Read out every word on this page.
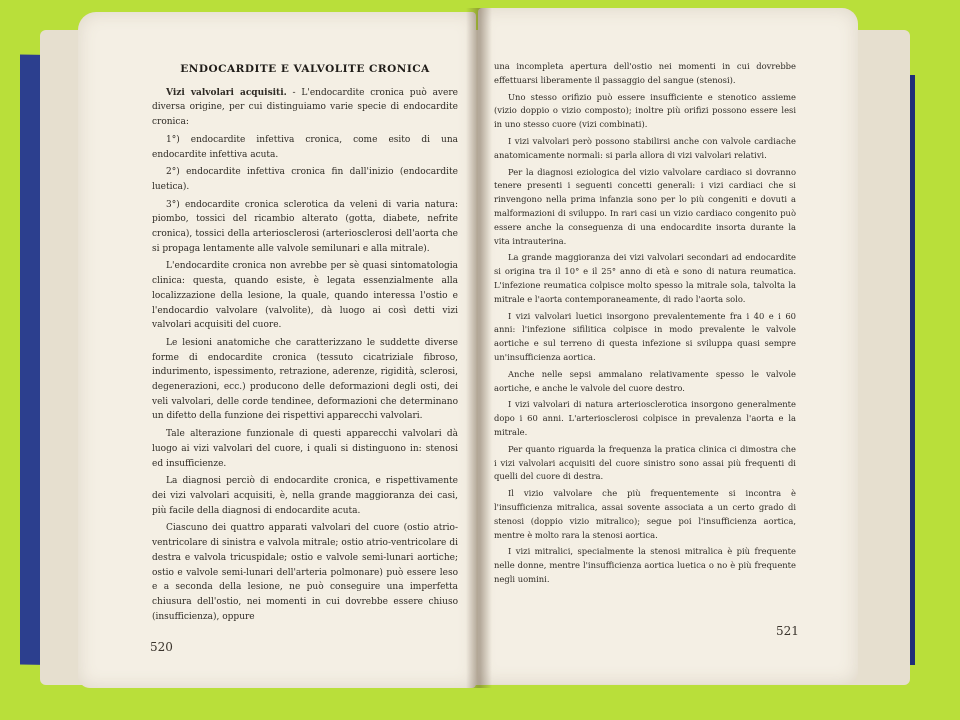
ENDOCARDITE E VALVOLITE CRONICA

Vizi valvolari acquisiti. - L'endocardite cronica può avere diversa origine, per cui distinguiamo varie specie di endocardite cronica:

1°) endocardite infettiva cronica, come esito di una endocardite infettiva acuta.

2°) endocardite infettiva cronica fin dall'inizio (endocardite luetica).

3°) endocardite cronica sclerotica da veleni di varia natura: piombo, tossici del ricambio alterato (gotta, diabete, nefrite cronica), tossici della arteriosclerosi (arteriosclerosi dell'aorta che si propaga lentamente alle valvole semilunari e alla mitrale).

L'endocardite cronica non avrebbe per sè quasi sintomatologia clinica: questa, quando esiste, è legata essenzialmente alla localizzazione della lesione, la quale, quando interessa l'ostio e l'endocardio valvolare (valvolite), dà luogo ai così detti vizi valvolari acquisiti del cuore.

Le lesioni anatomiche che caratterizzano le suddette diverse forme di endocardite cronica (tessuto cicatriziale fibroso, indurimento, ispessimento, retrazione, aderenze, rigidità, sclerosi, degenerazioni, ecc.) producono delle deformazioni degli osti, dei veli valvolari, delle corde tendinee, deformazioni che determinano un difetto della funzione dei rispettivi apparecchi valvolari.

Tale alterazione funzionale di questi apparecchi valvolari dà luogo ai vizi valvolari del cuore, i quali si distinguono in: stenosi ed insufficienze.

La diagnosi perciò di endocardite cronica, e rispettivamente dei vizi valvolari acquisiti, è, nella grande maggioranza dei casi, più facile della diagnosi di endocardite acuta.

Ciascuno dei quattro apparati valvolari del cuore (ostio atrio-ventricolare di sinistra e valvola mitrale; ostio atrio-ventricolare di destra e valvola tricuspidale; ostio e valvole semi-lunari aortiche; ostio e valvole semi-lunari dell'arteria polmonare) può essere leso e a seconda della lesione, ne può conseguire una imperfetta chiusura dell'ostio, nei momenti in cui dovrebbe essere chiuso (insufficienza), oppure

520

una incompleta apertura dell'ostio nei momenti in cui dovrebbe effettuarsi liberamente il passaggio del sangue (stenosi).

Uno stesso orifizio può essere insufficiente e stenotico assieme (vizio doppio o vizio composto); inoltre più orifizi possono essere lesi in uno stesso cuore (vizi combinati).

I vizi valvolari però possono stabilirsi anche con valvole cardiache anatomicamente normali: si parla allora di vizi valvolari relativi.

Per la diagnosi eziologica del vizio valvolare cardiaco si dovranno tenere presenti i seguenti concetti generali: i vizi cardiaci che si rinvengono nella prima infanzia sono per lo più congeniti e dovuti a malformazioni di sviluppo. In rari casi un vizio cardiaco congenito può essere anche la conseguenza di una endocardite insorta durante la vita intrauterina.

La grande maggioranza dei vizi valvolari secondari ad endocardite si origina tra il 10° e il 25° anno di età e sono di natura reumatica. L'infezione reumatica colpisce molto spesso la mitrale sola, talvolta la mitrale e l'aorta contemporaneamente, di rado l'aorta solo.

I vizi valvolari luetici insorgono prevalentemente fra i 40 e i 60 anni: l'infezione sifilitica colpisce in modo prevalente le valvole aortiche e sul terreno di questa infezione si sviluppa quasi sempre un'insufficienza aortica.

Anche nelle sepsi ammalano relativamente spesso le valvole aortiche, e anche le valvole del cuore destro.

I vizi valvolari di natura arteriosclerotica insorgono generalmente dopo i 60 anni. L'arteriosclerosi colpisce in prevalenza l'aorta e la mitrale.

Per quanto riguarda la frequenza la pratica clinica ci dimostra che i vizi valvolari acquisiti del cuore sinistro sono assai più frequenti di quelli del cuore di destra.

Il vizio valvolare che più frequentemente si incontra è l'insufficienza mitralica, assai sovente associata a un certo grado di stenosi (doppio vizio mitralico); segue poi l'insufficienza aortica, mentre è molto rara la stenosi aortica.

I vizi mitralici, specialmente la stenosi mitralica è più frequente nelle donne, mentre l'insufficienza aortica luetica o no è più frequente negli uomini.

521
